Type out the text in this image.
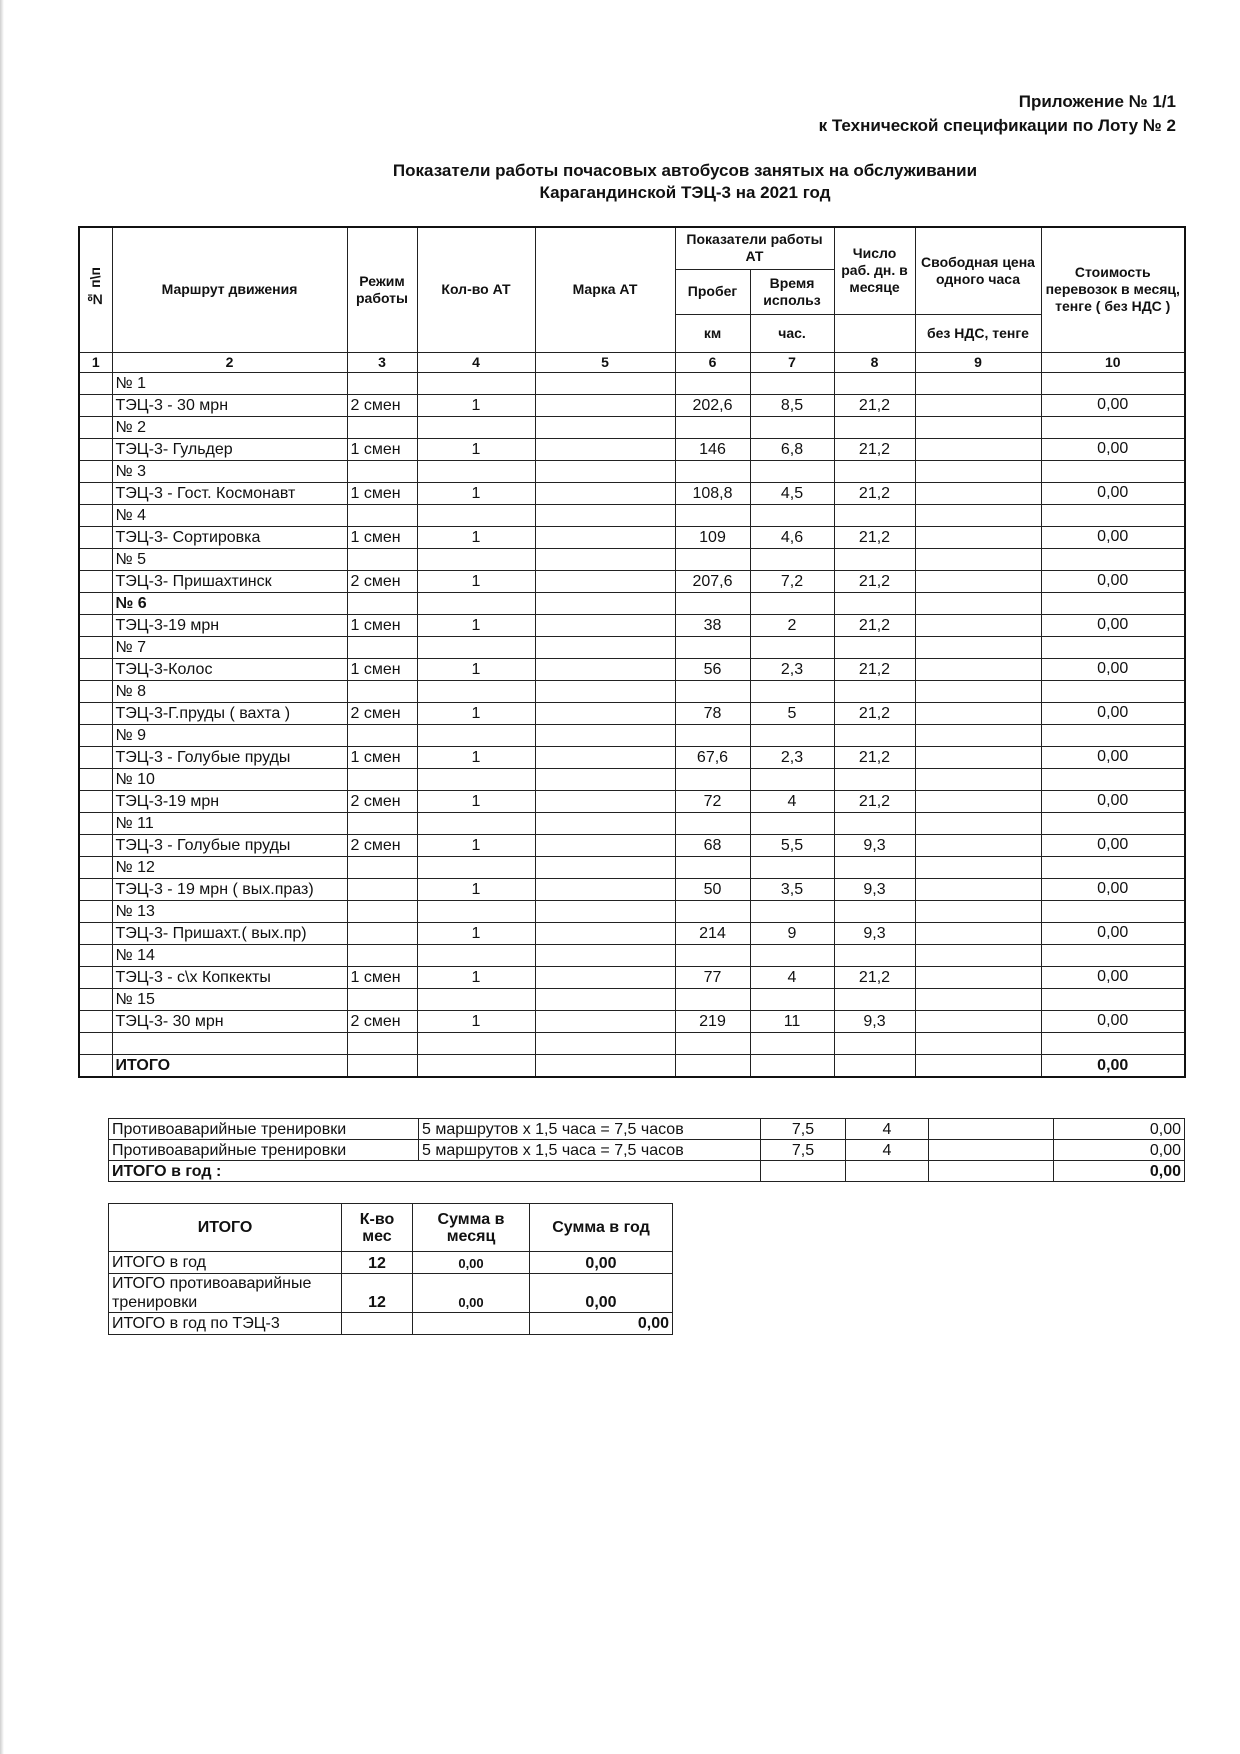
Приложение № 1/1
к Технической спецификации по Лоту № 2
Показатели работы почасовых автобусов занятых на обслуживании
Карагандинской ТЭЦ-3 на 2021 год
№ п\п	Маршрут движения	Режим работы	Кол-во АТ	Марка АТ	Показатели работы АТ		Число раб. дн. в месяце	Свободная цена одного часа	Стоимость перевозок в месяц, тенге ( без НДС )
					Пробег	Время использ			
					км	час.		без НДС, тенге	
1	2	3	4	5	6	7	8	9	10
	№ 1								
	ТЭЦ-3 - 30 мрн	2 смен	1		202,6	8,5	21,2		0,00
	№ 2								
	ТЭЦ-3- Гульдер	1 смен	1		146	6,8	21,2		0,00
	№ 3								
	ТЭЦ-3 - Гост. Космонавт	1 смен	1		108,8	4,5	21,2		0,00
	№ 4								
	ТЭЦ-3- Сортировка	1 смен	1		109	4,6	21,2		0,00
	№ 5								
	ТЭЦ-3- Пришахтинск	2 смен	1		207,6	7,2	21,2		0,00
	№ 6								
	ТЭЦ-3-19 мрн	1 смен	1		38	2	21,2		0,00
	№ 7								
	ТЭЦ-3-Колос	1 смен	1		56	2,3	21,2		0,00
	№ 8								
	ТЭЦ-3-Г.пруды ( вахта )	2 смен	1		78	5	21,2		0,00
	№ 9								
	ТЭЦ-3 - Голубые пруды	1 смен	1		67,6	2,3	21,2		0,00
	№ 10								
	ТЭЦ-3-19 мрн	2 смен	1		72	4	21,2		0,00
	№ 11								
	ТЭЦ-3 - Голубые пруды	2 смен	1		68	5,5	9,3		0,00
	№ 12								
	ТЭЦ-3 - 19 мрн ( вых.праз)		1		50	3,5	9,3		0,00
	№ 13								
	ТЭЦ-3- Пришахт.( вых.пр)		1		214	9	9,3		0,00
	№ 14								
	ТЭЦ-3 - с\х Копкекты	1 смен	1		77	4	21,2		0,00
	№ 15								
	ТЭЦ-3- 30 мрн	2 смен	1		219	11	9,3		0,00

	ИТОГО								0,00
Противоаварийные тренировки	5 маршрутов х 1,5 часа = 7,5 часов	7,5	4		0,00
Противоаварийные тренировки	5 маршрутов х 1,5 часа = 7,5 часов	7,5	4		0,00
ИТОГО в год :					0,00
ИТОГО	К-во мес	Сумма в месяц	Сумма в год
ИТОГО в год	12	0,00	0,00
ИТОГО противоаварийные тренировки	12	0,00	0,00
ИТОГО в год по ТЭЦ-3			0,00
